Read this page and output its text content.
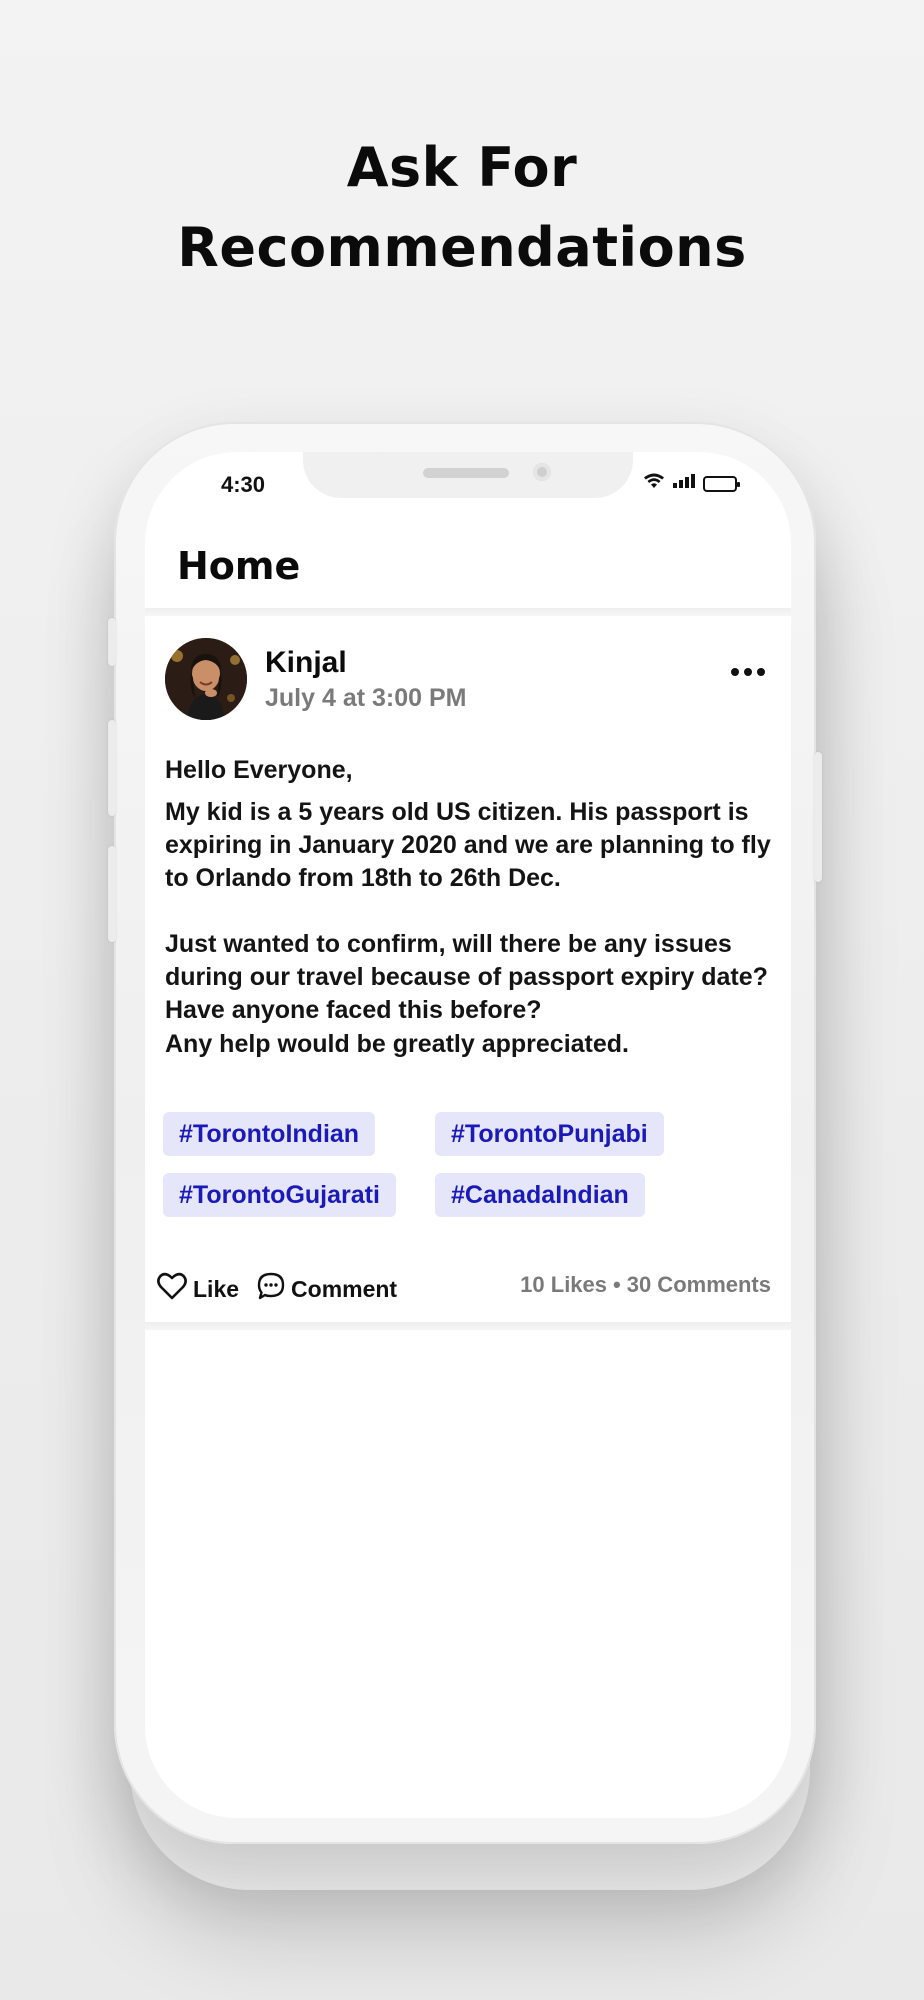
Ask For
Recommendations
4:30
Home
Kinjal
July 4 at 3:00 PM
Hello Everyone,
My kid is a 5 years old US citizen. His passport is expiring in January 2020 and we are planning to fly to Orlando from 18th to 26th Dec.
Just wanted to confirm, will there be any issues during our travel because of passport expiry date? Have anyone faced this before?
Any help would be greatly appreciated.
#TorontoIndian	#TorontoPunjabi
#TorontoGujarati	#CanadaIndian
Like Comment	10 Likes • 30 Comments
